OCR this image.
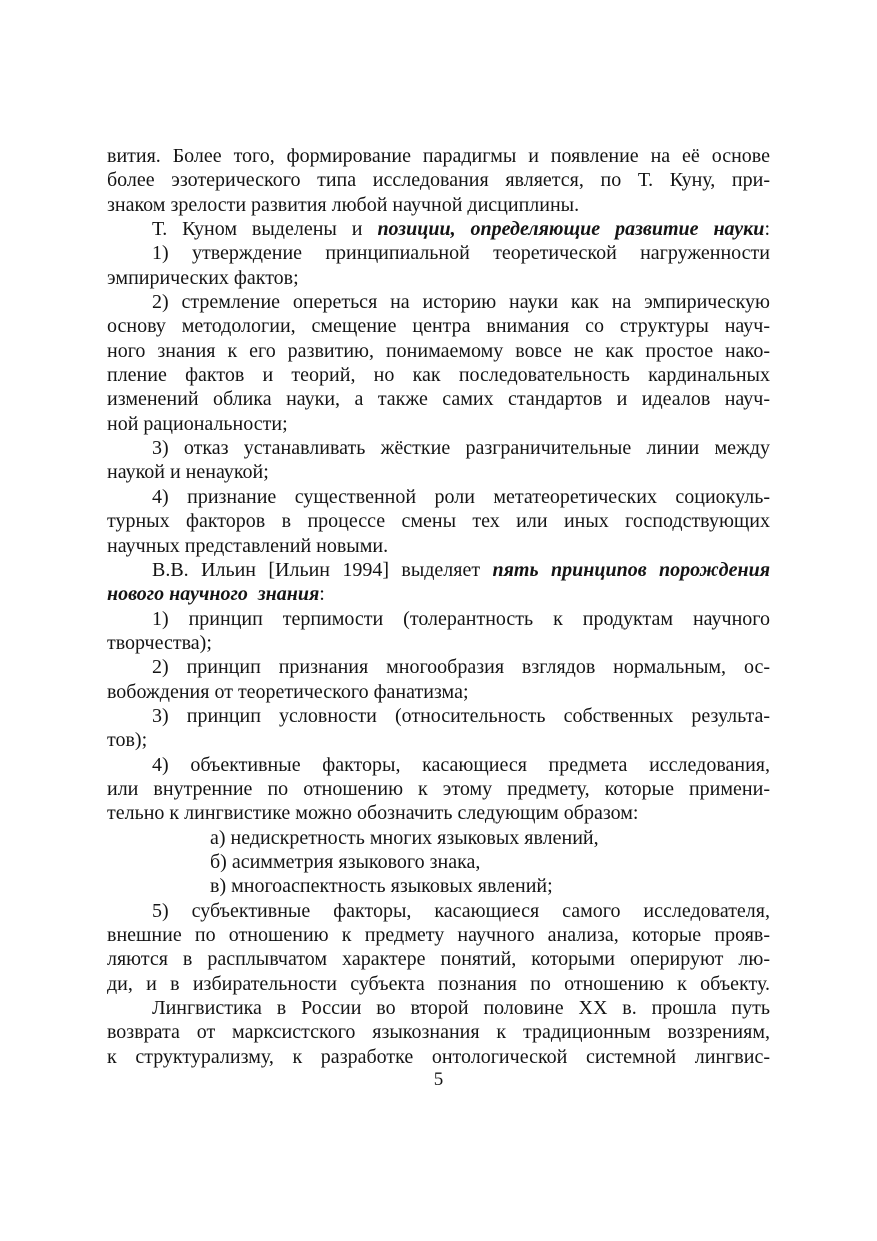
вития. Более того, формирование парадигмы и появление на её основе
более эзотерического типа исследования является, по Т. Куну, при-
знаком зрелости развития любой научной дисциплины.
Т. Куном выделены и позиции, определяющие развитие науки:
1) утверждение принципиальной теоретической нагруженности
эмпирических фактов;
2) стремление опереться на историю науки как на эмпирическую
основу методологии, смещение центра внимания со структуры науч-
ного знания к его развитию, понимаемому вовсе не как простое нако-
пление фактов и теорий, но как последовательность кардинальных
изменений облика науки, а также самих стандартов и идеалов науч-
ной рациональности;
3) отказ устанавливать жёсткие разграничительные линии между
наукой и ненаукой;
4) признание существенной роли метатеоретических социокуль-
турных факторов в процессе смены тех или иных господствующих
научных представлений новыми.
В.В. Ильин [Ильин 1994] выделяет пять принципов порождения
нового научного  знания:
1) принцип терпимости (толерантность к продуктам научного
творчества);
2) принцип признания многообразия взглядов нормальным, ос-
вобождения от теоретического фанатизма;
3) принцип условности (относительность собственных результа-
тов);
4) объективные факторы, касающиеся предмета исследования,
или внутренние по отношению к этому предмету, которые примени-
тельно к лингвистике можно обозначить следующим образом:
а) недискретность многих языковых явлений,
б) асимметрия языкового знака,
в) многоаспектность языковых явлений;
5) субъективные факторы, касающиеся самого исследователя,
внешние по отношению к предмету научного анализа, которые прояв-
ляются в расплывчатом характере понятий, которыми оперируют лю-
ди, и в избирательности субъекта познания по отношению к объекту.
Лингвистика в России во второй половине XX в. прошла путь
возврата от марксистского языкознания к традиционным воззрениям,
к структурализму, к разработке онтологической системной лингвис-
5
